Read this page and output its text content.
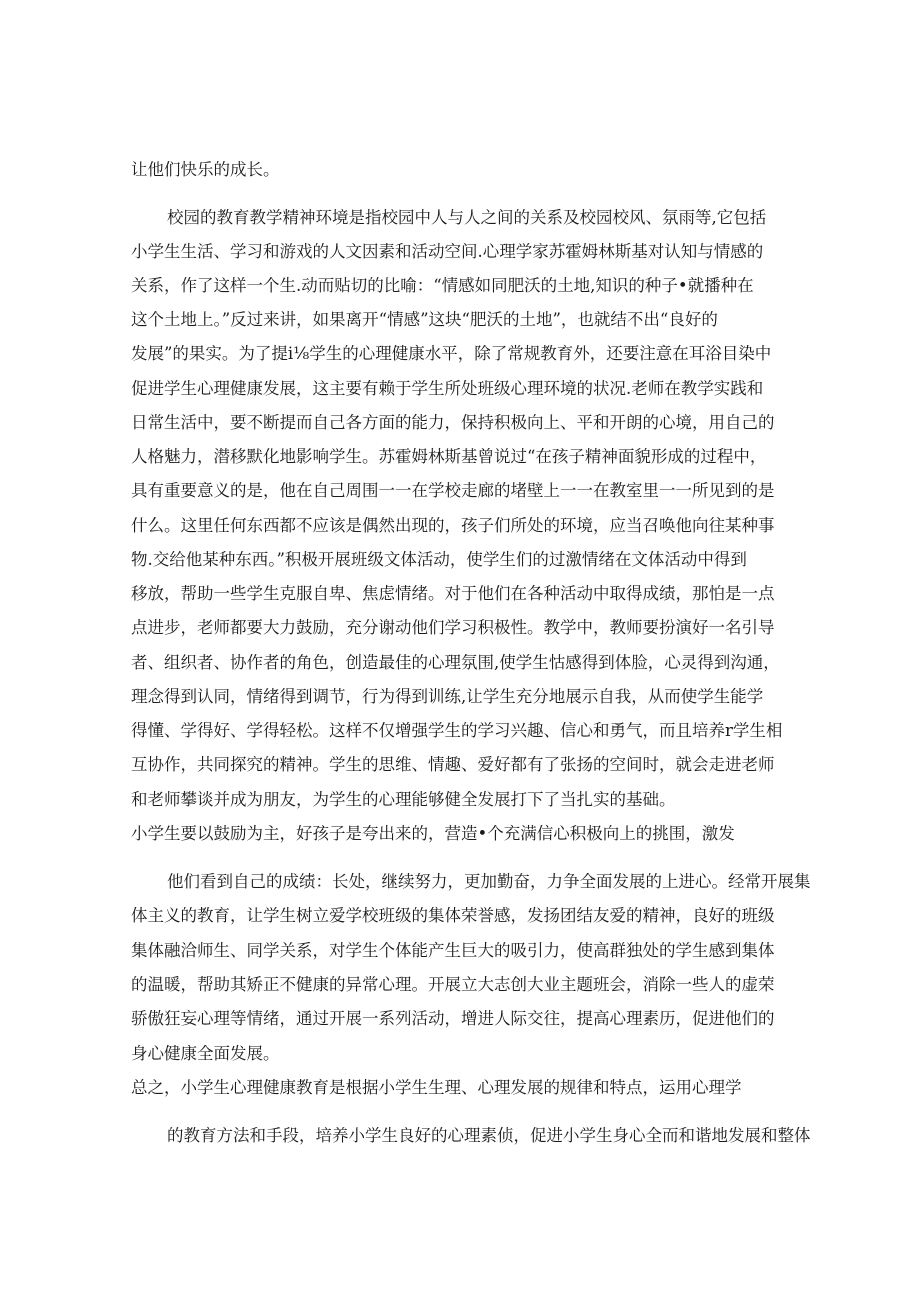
让他们快乐的成长。
校园的教育教学精神环境是指校园中人与人之间的关系及校园校风、氛雨等,它包括
小学生生活、学习和游戏的人文因素和活动空间.心理学家苏霍姆林斯基对认知与情感的
关系，作了这样一个生.动而贴切的比喻：“情感如同肥沃的土地,知识的种子•就播种在
这个土地上。”反过来讲，如果离开“情感”这块“肥沃的土地”，也就结不出“良好的
发展”的果实。为了提i⅛学生的心理健康水平，除了常规教育外，还要注意在耳浴目染中
促进学生心理健康发展，这主要有赖于学生所处班级心理环境的状况.老师在教学实践和
日常生活中，要不断提而自己各方面的能力，保持积极向上、平和开朗的心境，用自己的
人格魅力，潜移默化地影响学生。苏霍姆林斯基曾说过“在孩子精神面貌形成的过程中，
具有重要意义的是，他在自己周围一一在学校走廊的堵壁上一一在教室里一一所见到的是
什么。这里任何东西都不应该是偶然出现的，孩子们所处的环境，应当召唤他向往某种事
物.交给他某种东西。”积极开展班级文体活动，使学生们的过激情绪在文体活动中得到
移放，帮助一些学生克服自卑、焦虑情绪。对于他们在各种活动中取得成绩，那怕是一点
点进步，老师都要大力鼓励，充分谢动他们学习积极性。教学中，教师要扮演好一名引导
者、组织者、协作者的角色，创造最佳的心理氛围,使学生怙感得到体脸，心灵得到沟通，
理念得到认同，情绪得到调节，行为得到训练,让学生充分地展示自我，从而使学生能学
得懂、学得好、学得轻松。这样不仅增强学生的学习兴趣、信心和勇气，而且培养r学生相
互协作，共同探究的精神。学生的思维、情趣、爱好都有了张扬的空间时，就会走进老师
和老师攀谈并成为朋友，为学生的心理能够健全发展打下了当扎实的基础。
小学生要以鼓励为主，好孩子是夸出来的，营造•个充满信心积极向上的挑围，激发
他们看到自己的成绩：长处，继续努力，更加勤奋，力争全面发展的上进心。经常开展集
体主义的教育，让学生树立爱学校班级的集体荣誉感，发扬团结友爱的精神，良好的班级
集体融洽师生、同学关系，对学生个体能产生巨大的吸引力，使高群独处的学生感到集体
的温暖，帮助其矫正不健康的异常心理。开展立大志创大业主题班会，消除一些人的虚荣
骄傲狂妄心理等情绪，通过开展一系列活动，增进人际交往，提高心理素历，促进他们的
身心健康全面发展。
总之，小学生心理健康教育是根据小学生生理、心理发展的规律和特点，运用心理学
的教育方法和手段，培养小学生良好的心理素侦，促进小学生身心全而和谐地发展和整体
